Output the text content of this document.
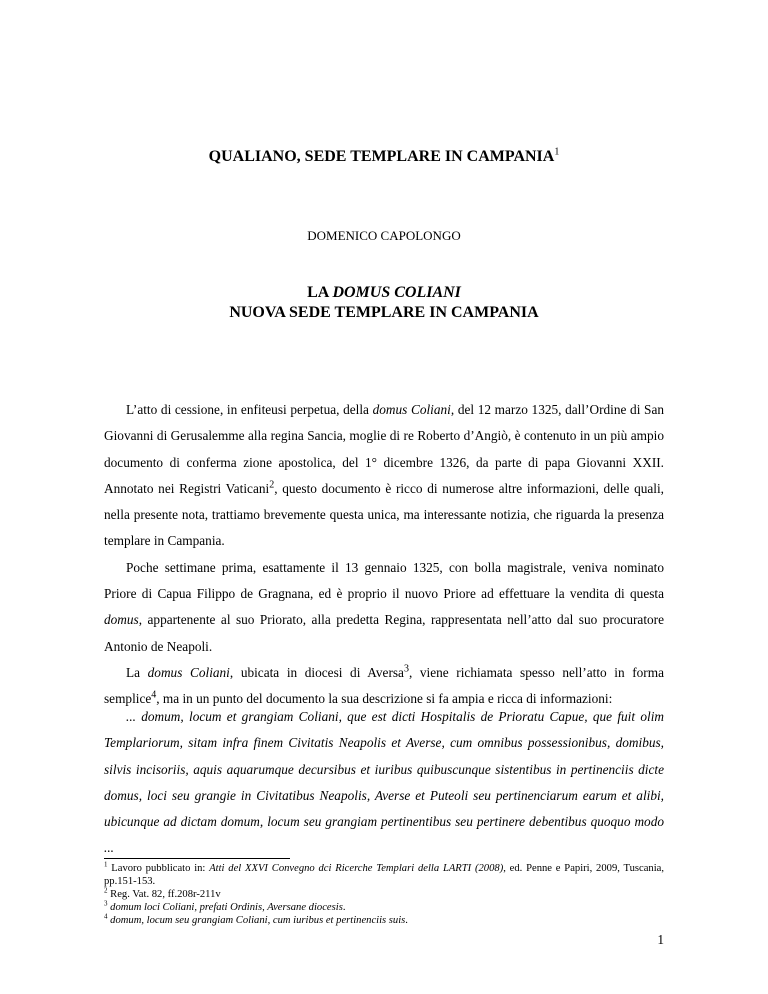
QUALIANO, SEDE TEMPLARE IN CAMPANIA$^1$
DOMENICO CAPOLONGO
LA DOMUS COLIANI
NUOVA SEDE TEMPLARE IN CAMPANIA

L’atto di cessione, in enfiteusi perpetua, della domus Coliani, del 12 marzo 1325, dall’Ordine di San Giovanni di Gerusalemme alla regina Sancia, moglie di re Roberto d’Angiò, è contenuto in un più ampio documento di conferma zione apostolica, del 1° dicembre 1326, da parte di papa Giovanni XXII. Annotato nei Registri Vaticani$^2$, questo documento è ricco di numerose altre informazioni, delle quali, nella presente nota, trattiamo brevemente questa unica, ma interessante notizia, che riguarda la presenza templare in Campania.

Poche settimane prima, esattamente il 13 gennaio 1325, con bolla magistrale, veniva nominato Priore di Capua Filippo de Gragnana, ed è proprio il nuovo Priore ad effettuare la vendita di questa domus, appartenente al suo Priorato, alla predetta Regina, rappresentata nell’atto dal suo procuratore Antonio de Neapoli.

La domus Coliani, ubicata in diocesi di Aversa$^3$, viene richiamata spesso nell’atto in forma semplice$^4$, ma in un punto del documento la sua descrizione si fa ampia e ricca di informazioni:

... domum, locum et grangiam Coliani, que est dicti Hospitalis de Prioratu Capue, que fuit olim Templariorum, sitam infra finem Civitatis Neapolis et Averse, cum omnibus possessionibus, domibus, silvis incisoriis, aquis aquarumque decursibus et iuribus quibuscunque sistentibus in pertinenciis dicte domus, loci seu grangie in Civitatibus Neapolis, Averse et Puteoli seu pertinenciarum earum et alibi, ubicunque ad dictam domum, locum seu grangiam pertinentibus seu pertinere debentibus quoquo modo ...

$^1$ Lavoro pubblicato in: Atti del XXVI Convegno dci Ricerche Templari della LARTI (2008), ed. Penne e Papiri, 2009, Tuscania, pp.151-153.

$^2$ Reg. Vat. 82, ff.208r-211v

$^3$ domum loci Coliani, prefati Ordinis, Aversane diocesis.

$^4$ domum, locum seu grangiam Coliani, cum iuribus et pertinenciis suis.

1
